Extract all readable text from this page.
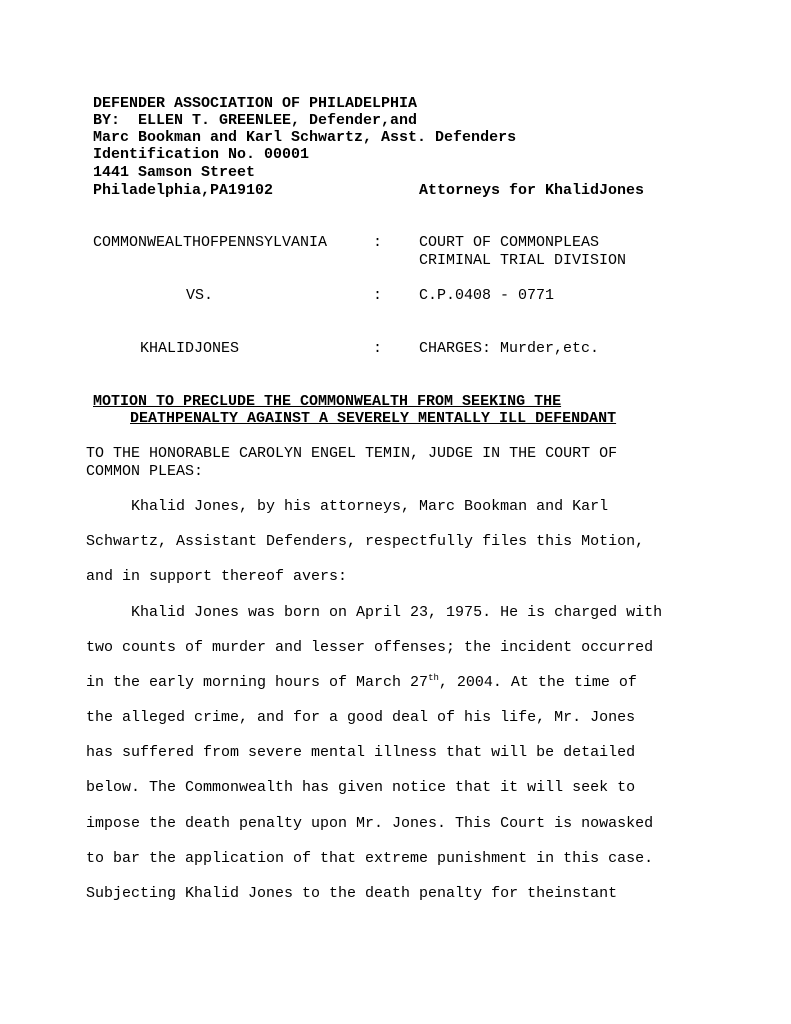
DEFENDER ASSOCIATION OF PHILADELPHIA
BY:  ELLEN T. GREENLEE, Defender,and
Marc Bookman and Karl Schwartz, Asst. Defenders
Identification No. 00001
1441 Samson Street
Philadelphia,PA19102	Attorneys for KhalidJones
COMMONWEALTHOFPENNSYLVANIA	: COURT OF COMMONPLEAS
CRIMINAL TRIAL DIVISION
VS.	: C.P.0408 - 0771
KHALIDJONES	: CHARGES: Murder,etc.
MOTION TO PRECLUDE THE COMMONWEALTH FROM SEEKING THE
DEATHPENALTY AGAINST A SEVERELY MENTALLY ILL DEFENDANT
TO THE HONORABLE CAROLYN ENGEL TEMIN, JUDGE IN THE COURT OF
COMMON PLEAS:
Khalid Jones, by his attorneys, Marc Bookman and Karl
Schwartz, Assistant Defenders, respectfully files this Motion,
and in support thereof avers:
Khalid Jones was born on April 23, 1975. He is charged with
two counts of murder and lesser offenses; the incident occurred
in the early morning hours of March 27th, 2004. At the time of
the alleged crime, and for a good deal of his life, Mr. Jones
has suffered from severe mental illness that will be detailed
below. The Commonwealth has given notice that it will seek to
impose the death penalty upon Mr. Jones. This Court is nowasked
to bar the application of that extreme punishment in this case.
Subjecting Khalid Jones to the death penalty for theinstant
